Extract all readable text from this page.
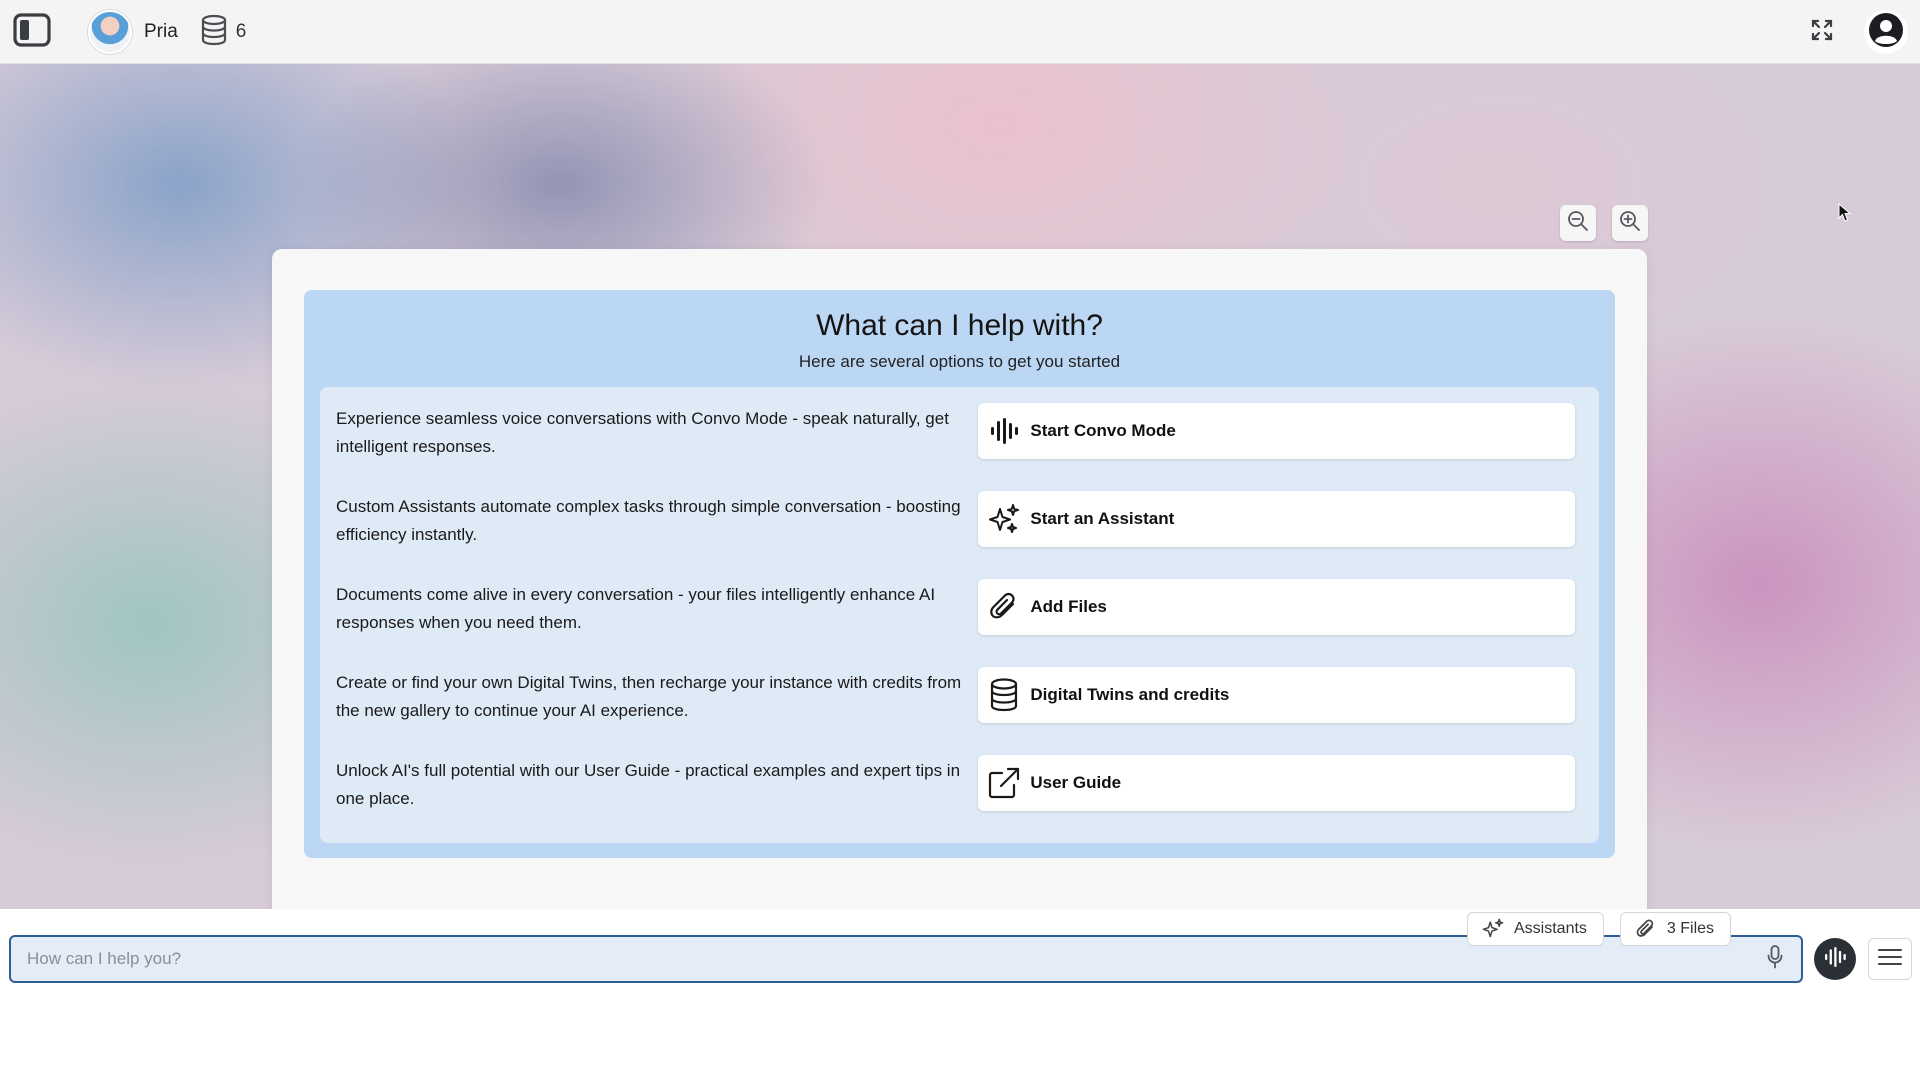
Pria	6
What can I help with?

Here are several options to get you started

Experience seamless voice conversations with Convo Mode - speak naturally, get intelligent responses.

Start Convo Mode

Custom Assistants automate complex tasks through simple conversation - boosting efficiency instantly.

Start an Assistant

Documents come alive in every conversation - your files intelligently enhance AI responses when you need them.

Add Files

Create or find your own Digital Twins, then recharge your instance with credits from the new gallery to continue your AI experience.

Digital Twins and credits

Unlock AI's full potential with our User Guide - practical examples and expert tips in one place.

User Guide
Assistants	3 Files
How can I help you?
